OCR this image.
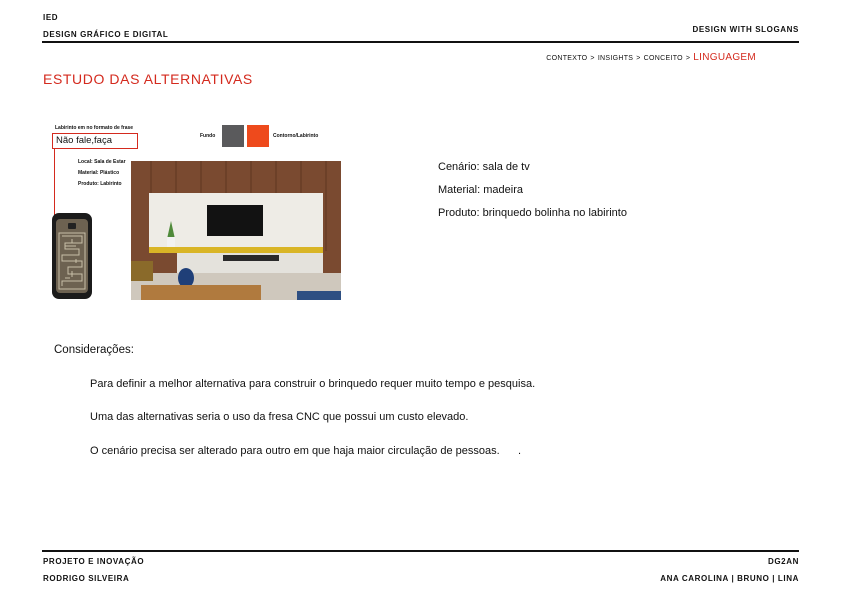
IED
DESIGN GRÁFICO E DIGITAL
DESIGN WITH SLOGANS
CONTEXTO > INSIGHTS > CONCEITO > LINGUAGEM
ESTUDO DAS ALTERNATIVAS
Labirinto em no formato de frase
Não fale,faça	Fundo	Contorno/Labirinto
Local: Sala de Estar
Material: Plástico
Produto: Labirinto
Cenário: sala de tv
Material: madeira
Produto: brinquedo bolinha no labirinto
Considerações:
Para definir a melhor alternativa para construir o brinquedo requer muito tempo e pesquisa.
Uma das alternativas seria o uso da fresa CNC que possui um custo elevado.
O cenário precisa ser alterado para outro em que haja maior circulação de pessoas.      .
PROJETO E INOVAÇÃO
RODRIGO SILVEIRA
DG2AN
ANA CAROLINA | BRUNO | LINA
